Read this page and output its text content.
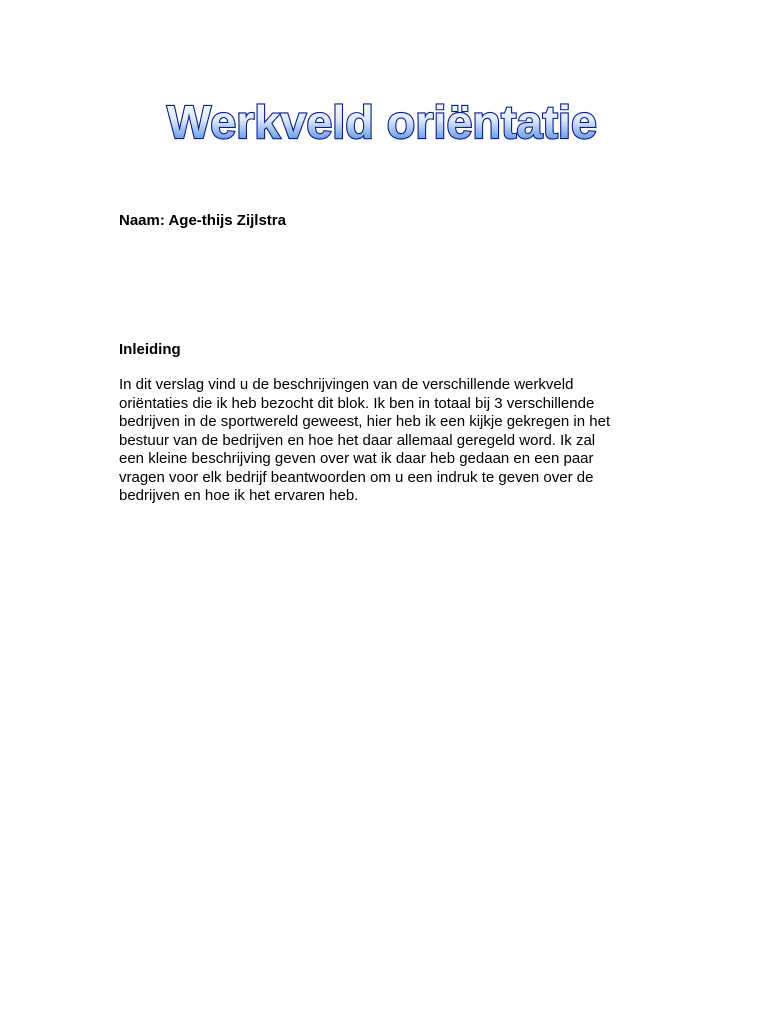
Werkveld oriëntatie
Naam: Age-thijs Zijlstra
Inleiding
In dit verslag vind u de beschrijvingen van de verschillende werkveld
oriëntaties die ik heb bezocht dit blok. Ik ben in totaal bij 3 verschillende
bedrijven in de sportwereld geweest, hier heb ik een kijkje gekregen in het
bestuur van de bedrijven en hoe het daar allemaal geregeld word. Ik zal
een kleine beschrijving geven over wat ik daar heb gedaan en een paar
vragen voor elk bedrijf beantwoorden om u een indruk te geven over de
bedrijven en hoe ik het ervaren heb.
